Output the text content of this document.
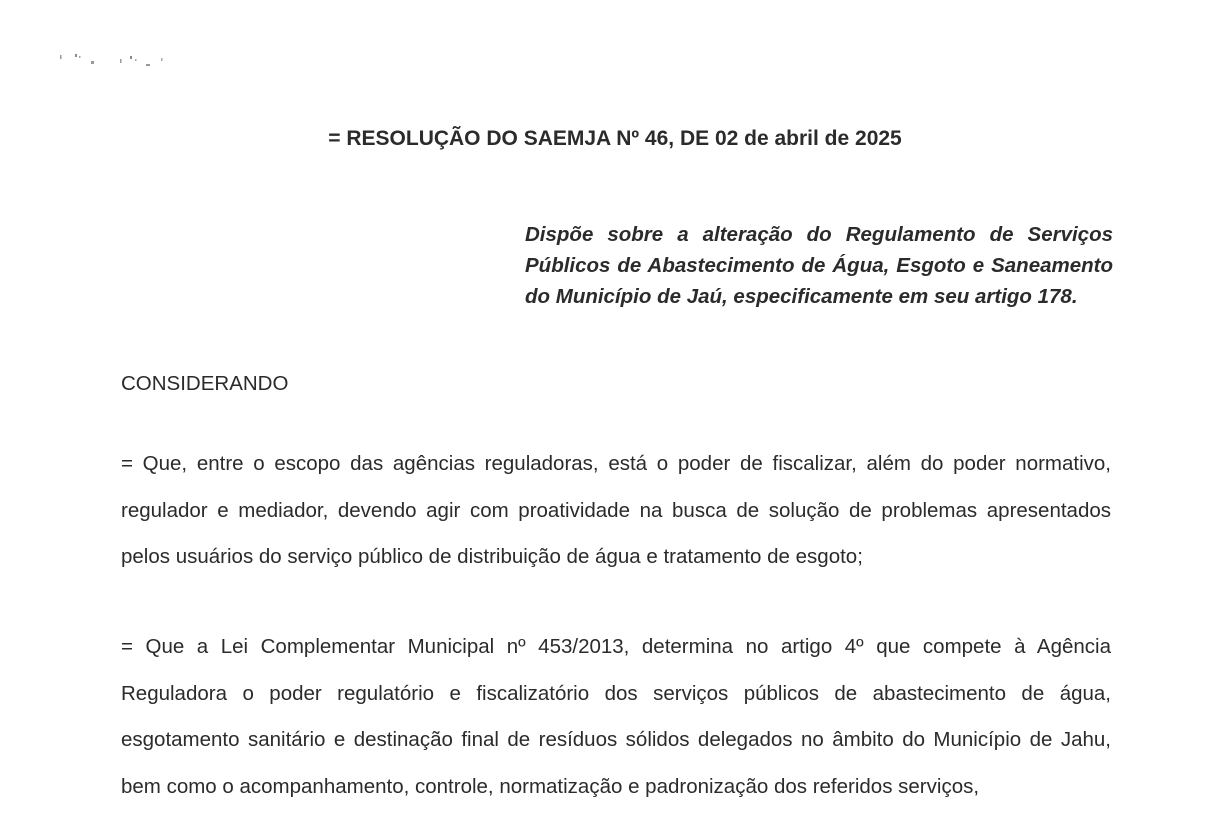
= RESOLUÇÃO DO SAEMJA Nº 46, DE 02 de abril de 2025
Dispõe sobre a alteração do Regulamento de Serviços Públicos de Abastecimento de Água, Esgoto e Saneamento do Município de Jaú, especificamente em seu artigo 178.
CONSIDERANDO
= Que, entre o escopo das agências reguladoras, está o poder de fiscalizar, além do poder normativo, regulador e mediador, devendo agir com proatividade na busca de solução de problemas apresentados pelos usuários do serviço público de distribuição de água e tratamento de esgoto;
= Que a Lei Complementar Municipal nº 453/2013, determina no artigo 4º que compete à Agência Reguladora o poder regulatório e fiscalizatório dos serviços públicos de abastecimento de água, esgotamento sanitário e destinação final de resíduos sólidos delegados no âmbito do Município de Jahu, bem como o acompanhamento, controle, normatização e padronização dos referidos serviços,
